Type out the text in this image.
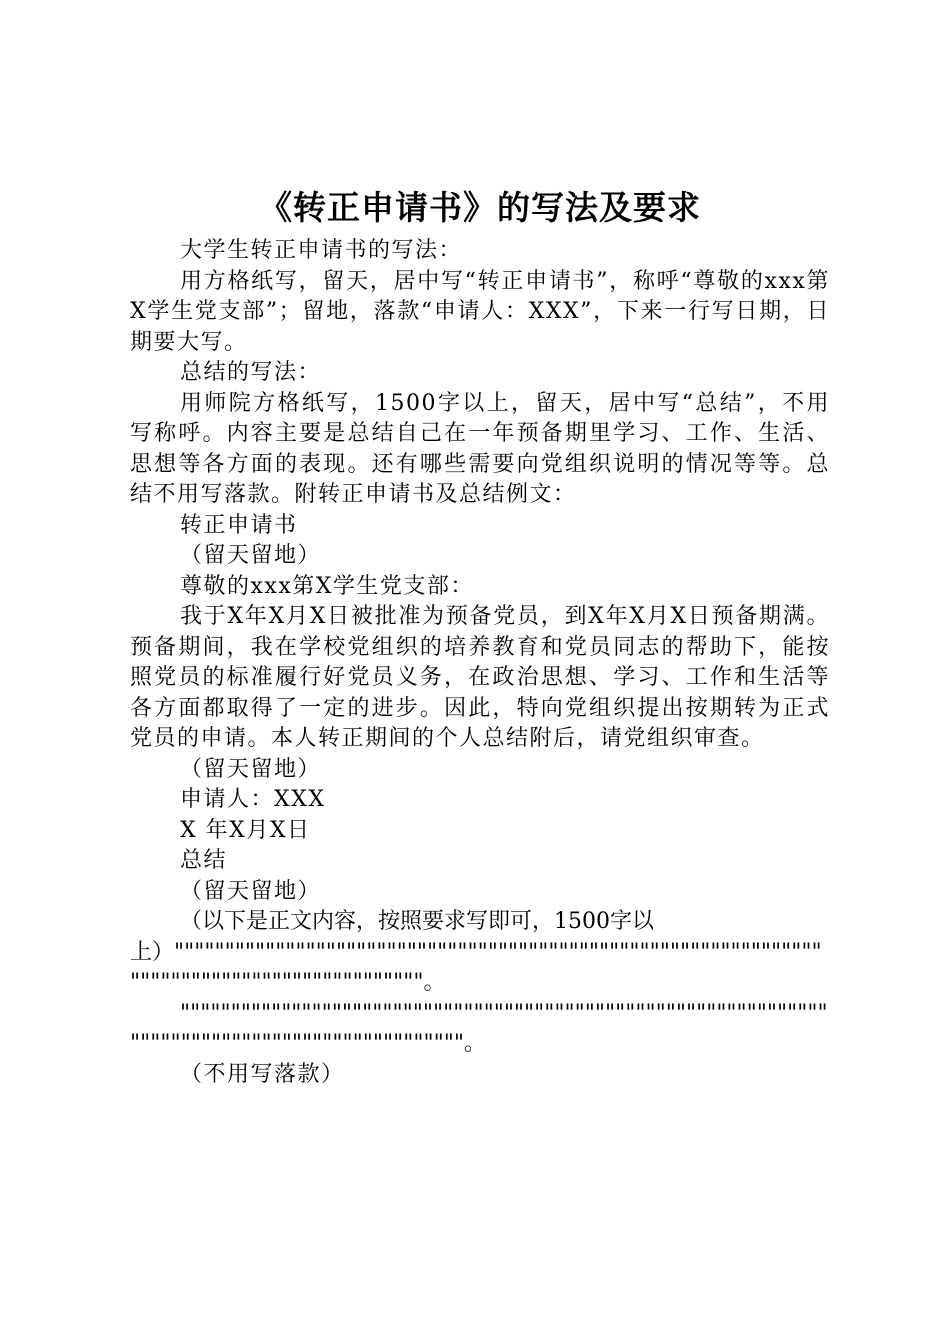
《转正申请书》的写法及要求

大学生转正申请书的写法：

用方格纸写，留天，居中写“转正申请书”，称呼“尊敬的xxx第X学生党支部”；留地，落款“申请人：XXX”，下来一行写日期，日期要大写。

总结的写法：

用师院方格纸写，1500字以上，留天，居中写“总结”，不用写称呼。内容主要是总结自己在一年预备期里学习、工作、生活、思想等各方面的表现。还有哪些需要向党组织说明的情况等等。总结不用写落款。附转正申请书及总结例文：

转正申请书

（留天留地）

尊敬的xxx第X学生党支部：

我于X年X月X日被批准为预备党员，到X年X月X日预备期满。预备期间，我在学校党组织的培养教育和党员同志的帮助下，能按照党员的标准履行好党员义务，在政治思想、学习、工作和生活等各方面都取得了一定的进步。因此，特向党组织提出按期转为正式党员的申请。本人转正期间的个人总结附后，请党组织审查。

（留天留地）

申请人：XXX

X 年X月X日

总结

（留天留地）

（以下是正文内容，按照要求写即可，1500字以上）"""""""""""""""""""""""""""""""""""""""""""""""""""""""""""""""""""""""""""""""""""""""""""""。

"""""""""""""""""""""""""""""""""""""""""""""""""""""""""""""""""""""""""""""""""""""""""""""""""。

（不用写落款）
